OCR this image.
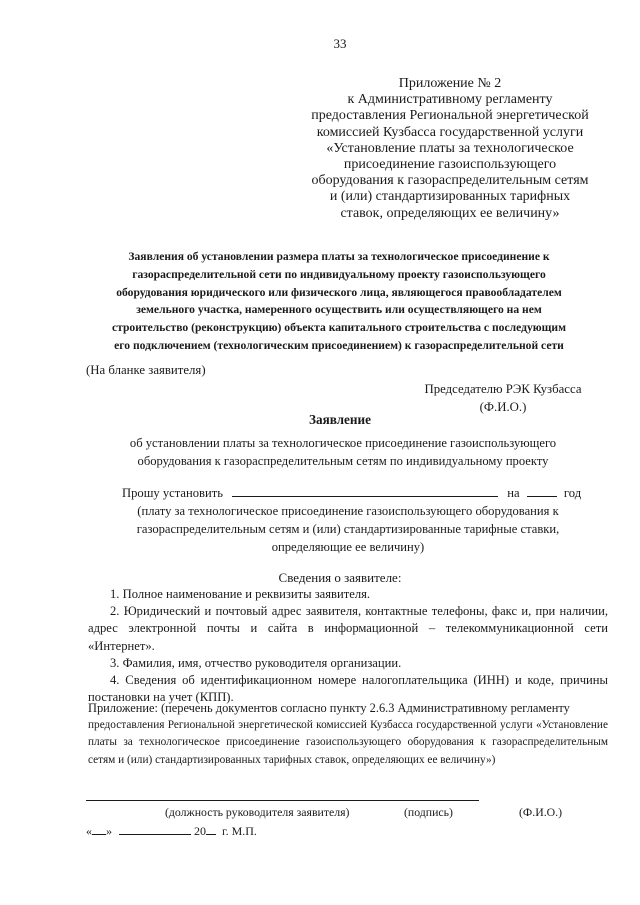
33
Приложение № 2
к Административному регламенту
предоставления Региональной энергетической
комиссией Кузбасса государственной услуги
«Установление платы за технологическое
присоединение газоиспользующего
оборудования к газораспределительным сетям
и (или) стандартизированных тарифных
ставок, определяющих ее величину»
Заявления об установлении размера платы за технологическое присоединение к
газораспределительной сети по индивидуальному проекту газоиспользующего
оборудования юридического или физического лица, являющегося правообладателем
земельного участка, намеренного осуществить или осуществляющего на нем
строительство (реконструкцию) объекта капитального строительства с последующим
его подключением (технологическим присоединением) к газораспределительной сети
(На бланке заявителя)
Председателю РЭК Кузбасса
(Ф.И.О.)
Заявление
об установлении платы за технологическое присоединение газоиспользующего
оборудования к газораспределительным сетям по индивидуальному проекту
Прошу установить	на	год
(плату за технологическое присоединение газоиспользующего оборудования к
газораспределительным сетям и (или) стандартизированные тарифные ставки,
определяющие ее величину)
Сведения о заявителе:
1. Полное наименование и реквизиты заявителя.
2. Юридический и почтовый адрес заявителя, контактные телефоны, факс и, при наличии, адрес электронной почты и сайта в информационной – телекоммуникационной сети «Интернет».
3. Фамилия, имя, отчество руководителя организации.
4. Сведения об идентификационном номере налогоплательщика (ИНН) и коде, причины постановки на учет (КПП).
Приложение: (перечень документов согласно пункту 2.6.3 Административному регламенту
предоставления Региональной энергетической комиссией Кузбасса государственной услуги «Установление платы за технологическое присоединение газоиспользующего оборудования к газораспределительным сетям и (или) стандартизированных тарифных ставок, определяющих ее величину»)
(должность руководителя заявителя)	(подпись)	(Ф.И.О.)
« »	20 г. М.П.
